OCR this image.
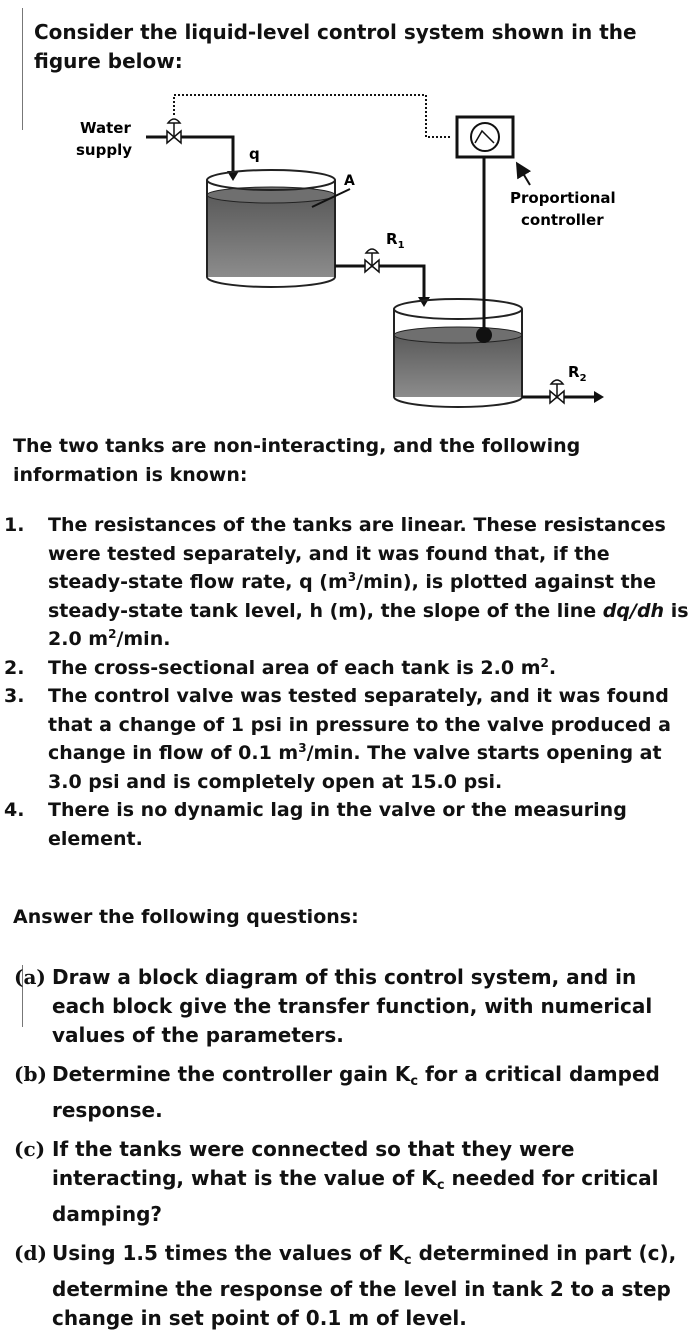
Consider the liquid-level control system shown in the figure below:

Water
supply	q
A
$R_1$
Proportional
controller
$R_2$

The two tanks are non-interacting, and the following information is known:

1. The resistances of the tanks are linear. These resistances were tested separately, and it was found that, if the steady-state flow rate, q $(m^3/\min)$, is plotted against the steady-state tank level, h (m), the slope of the line dq/dh is 2.0 $m^2/\min$.
2. The cross-sectional area of each tank is 2.0 $m^2$.
3. The control valve was tested separately, and it was found that a change of 1 psi in pressure to the valve produced a change in flow of 0.1 $m^3/\min$. The valve starts opening at 3.0 psi and is completely open at 15.0 psi.
4. There is no dynamic lag in the valve or the measuring element.

Answer the following questions:

(a) Draw a block diagram of this control system, and in each block give the transfer function, with numerical values of the parameters.
(b) Determine the controller gain $K_c$ for a critical damped response.
(c) If the tanks were connected so that they were interacting, what is the value of $K_c$ needed for critical damping?
(d) Using 1.5 times the values of $K_c$ determined in part (c), determine the response of the level in tank 2 to a step change in set point of 0.1 m of level.
